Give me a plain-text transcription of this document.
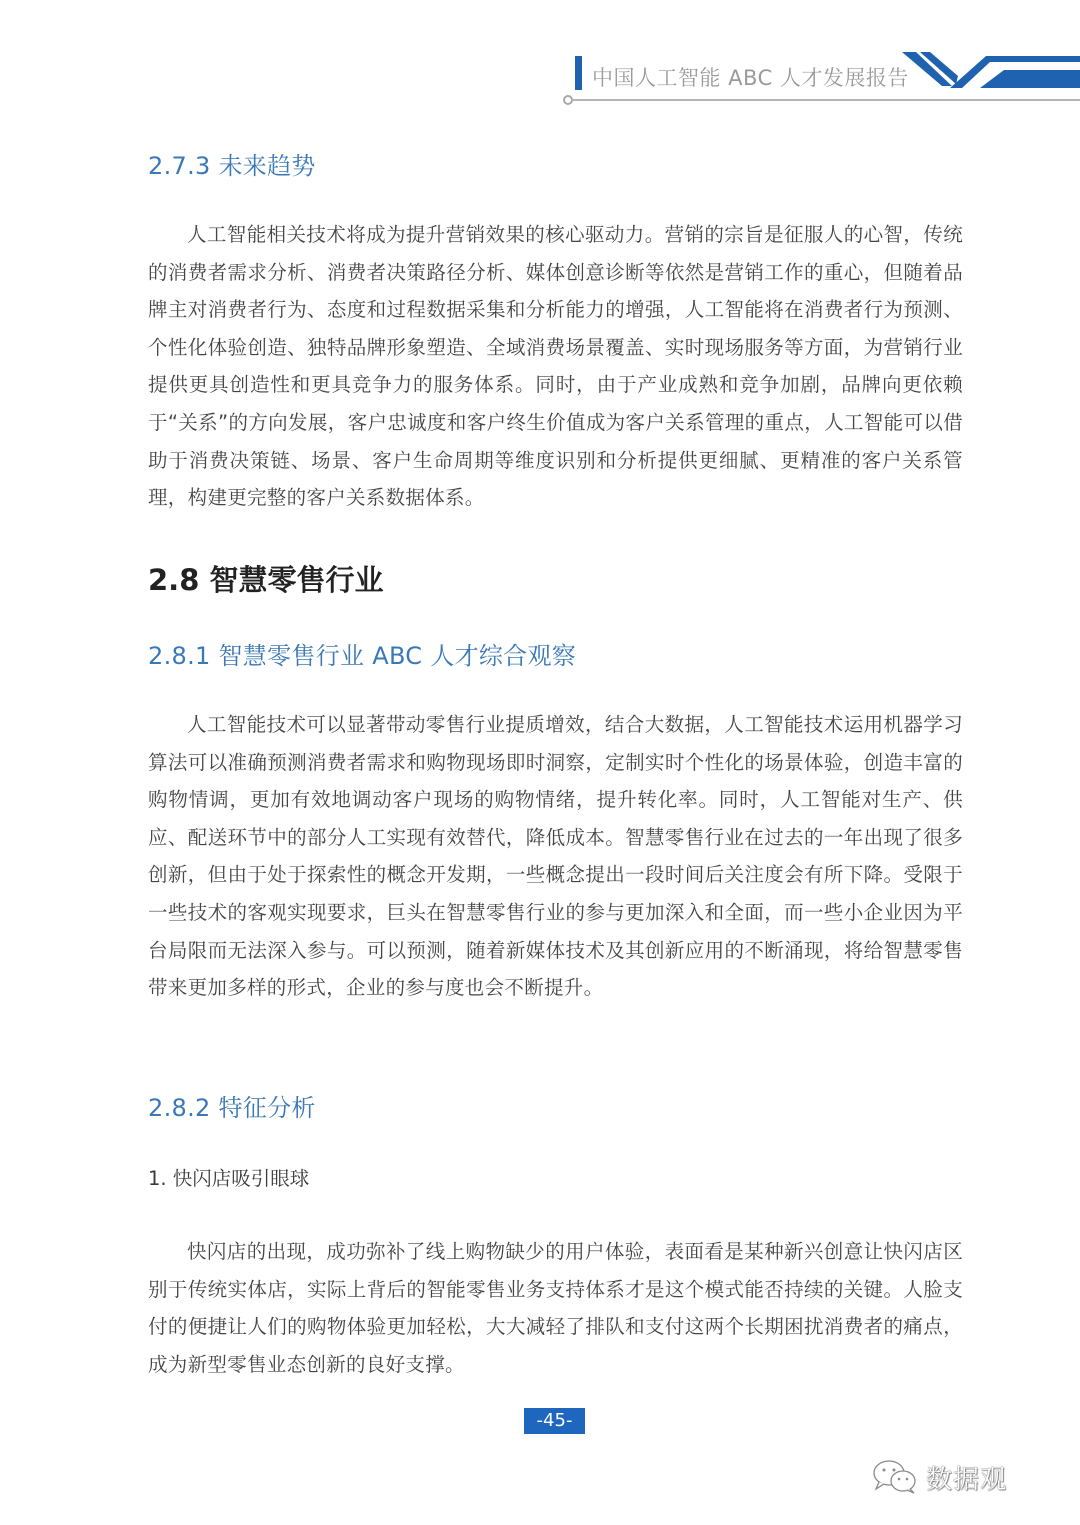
中国人工智能 ABC 人才发展报告
2.7.3 未来趋势

人工智能相关技术将成为提升营销效果的核心驱动力。营销的宗旨是征服人的心智，传统的消费者需求分析、消费者决策路径分析、媒体创意诊断等依然是营销工作的重心，但随着品牌主对消费者行为、态度和过程数据采集和分析能力的增强，人工智能将在消费者行为预测、个性化体验创造、独特品牌形象塑造、全域消费场景覆盖、实时现场服务等方面，为营销行业提供更具创造性和更具竞争力的服务体系。同时，由于产业成熟和竞争加剧，品牌向更依赖于“关系”的方向发展，客户忠诚度和客户终生价值成为客户关系管理的重点，人工智能可以借助于消费决策链、场景、客户生命周期等维度识别和分析提供更细腻、更精准的客户关系管理，构建更完整的客户关系数据体系。

2.8 智慧零售行业
2.8.1 智慧零售行业 ABC 人才综合观察

人工智能技术可以显著带动零售行业提质增效，结合大数据，人工智能技术运用机器学习算法可以准确预测消费者需求和购物现场即时洞察，定制实时个性化的场景体验，创造丰富的购物情调，更加有效地调动客户现场的购物情绪，提升转化率。同时，人工智能对生产、供应、配送环节中的部分人工实现有效替代，降低成本。智慧零售行业在过去的一年出现了很多创新，但由于处于探索性的概念开发期，一些概念提出一段时间后关注度会有所下降。受限于一些技术的客观实现要求，巨头在智慧零售行业的参与更加深入和全面，而一些小企业因为平台局限而无法深入参与。可以预测，随着新媒体技术及其创新应用的不断涌现，将给智慧零售带来更加多样的形式，企业的参与度也会不断提升。

2.8.2 特征分析
1. 快闪店吸引眼球

快闪店的出现，成功弥补了线上购物缺少的用户体验，表面看是某种新兴创意让快闪店区别于传统实体店，实际上背后的智能零售业务支持体系才是这个模式能否持续的关键。人脸支付的便捷让人们的购物体验更加轻松，大大减轻了排队和支付这两个长期困扰消费者的痛点，成为新型零售业态创新的良好支撑。

-45-
数据观
